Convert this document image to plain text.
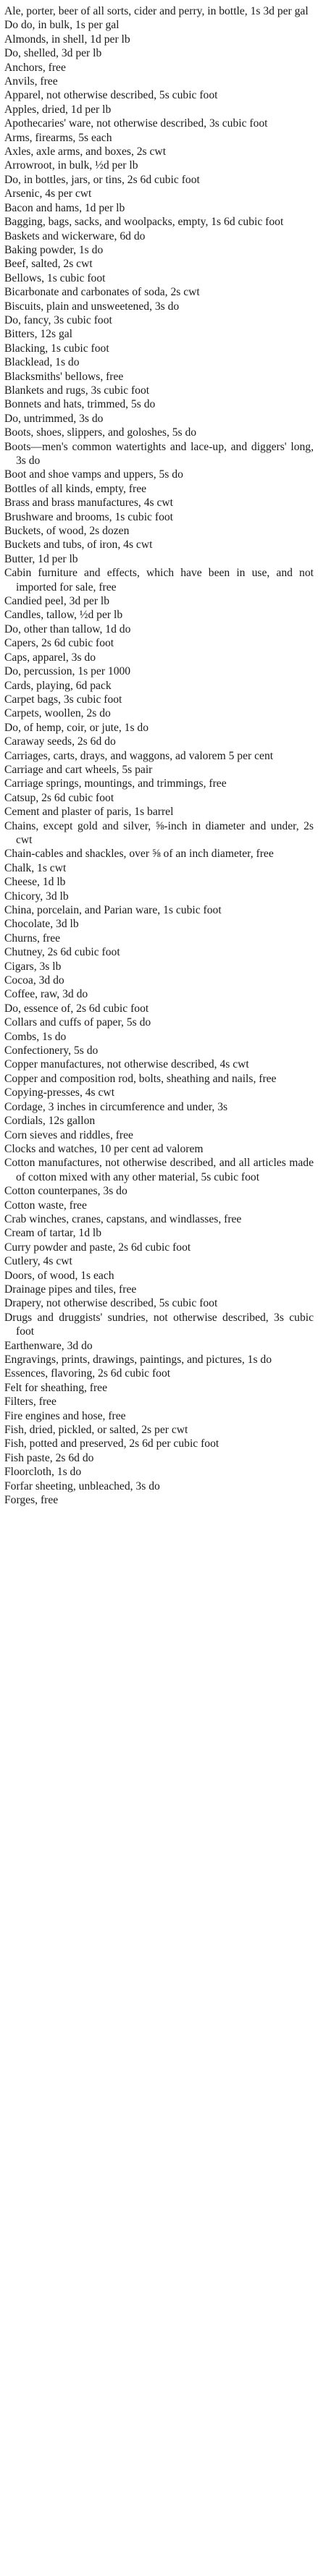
Ale, porter, beer of all sorts, cider and perry, in bottle, 1s 3d per gal

Do do, in bulk, 1s per gal

Almonds, in shell, 1d per lb

Do, shelled, 3d per lb

Anchors, free

Anvils, free

Apparel, not otherwise described, 5s cubic foot

Apples, dried, 1d per lb

Apothecaries' ware, not otherwise described, 3s cubic foot

Arms, firearms, 5s each

Axles, axle arms, and boxes, 2s cwt

Arrowroot, in bulk, ½d per lb

Do, in bottles, jars, or tins, 2s 6d cubic foot

Arsenic, 4s per cwt

Bacon and hams, 1d per lb

Bagging, bags, sacks, and woolpacks, empty, 1s 6d cubic foot

Baskets and wickerware, 6d do

Baking powder, 1s do

Beef, salted, 2s cwt

Bellows, 1s cubic foot

Bicarbonate and carbonates of soda, 2s cwt

Biscuits, plain and unsweetened, 3s do

Do, fancy, 3s cubic foot

Bitters, 12s gal

Blacking, 1s cubic foot

Blacklead, 1s do

Blacksmiths' bellows, free

Blankets and rugs, 3s cubic foot

Bonnets and hats, trimmed, 5s do

Do, untrimmed, 3s do

Boots, shoes, slippers, and goloshes, 5s do

Boots—men's common watertights and lace-up, and diggers' long, 3s do

Boot and shoe vamps and uppers, 5s do

Bottles of all kinds, empty, free

Brass and brass manufactures, 4s cwt

Brushware and brooms, 1s cubic foot

Buckets, of wood, 2s dozen

Buckets and tubs, of iron, 4s cwt

Butter, 1d per lb

Cabin furniture and effects, which have been in use, and not imported for sale, free

Candied peel, 3d per lb

Candles, tallow, ½d per lb

Do, other than tallow, 1d do

Capers, 2s 6d cubic foot

Caps, apparel, 3s do

Do, percussion, 1s per 1000

Cards, playing, 6d pack

Carpet bags, 3s cubic foot

Carpets, woollen, 2s do

Do, of hemp, coir, or jute, 1s do

Caraway seeds, 2s 6d do

Carriages, carts, drays, and waggons, ad valorem 5 per cent

Carriage and cart wheels, 5s pair

Carriage springs, mountings, and trimmings, free

Catsup, 2s 6d cubic foot

Cement and plaster of paris, 1s barrel

Chains, except gold and silver, ⅝-inch in diameter and under, 2s cwt

Chain-cables and shackles, over ⅝ of an inch diameter, free

Chalk, 1s cwt

Cheese, 1d lb

Chicory, 3d lb

China, porcelain, and Parian ware, 1s cubic foot

Chocolate, 3d lb

Churns, free

Chutney, 2s 6d cubic foot

Cigars, 3s lb

Cocoa, 3d do

Coffee, raw, 3d do

Do, essence of, 2s 6d cubic foot

Collars and cuffs of paper, 5s do

Combs, 1s do

Confectionery, 5s do

Copper manufactures, not otherwise described, 4s cwt

Copper and composition rod, bolts, sheathing and nails, free

Copying-presses, 4s cwt

Cordage, 3 inches in circumference and under, 3s

Cordials, 12s gallon

Corn sieves and riddles, free

Clocks and watches, 10 per cent ad valorem

Cotton manufactures, not otherwise described, and all articles made of cotton mixed with any other material, 5s cubic foot

Cotton counterpanes, 3s do

Cotton waste, free

Crab winches, cranes, capstans, and windlasses, free

Cream of tartar, 1d lb

Curry powder and paste, 2s 6d cubic foot

Cutlery, 4s cwt

Doors, of wood, 1s each

Drainage pipes and tiles, free

Drapery, not otherwise described, 5s cubic foot

Drugs and druggists' sundries, not otherwise described, 3s cubic foot

Earthenware, 3d do

Engravings, prints, drawings, paintings, and pictures, 1s do

Essences, flavoring, 2s 6d cubic foot

Felt for sheathing, free

Filters, free

Fire engines and hose, free

Fish, dried, pickled, or salted, 2s per cwt

Fish, potted and preserved, 2s 6d per cubic foot

Fish paste, 2s 6d do

Floorcloth, 1s do

Forfar sheeting, unbleached, 3s do

Forges, free
